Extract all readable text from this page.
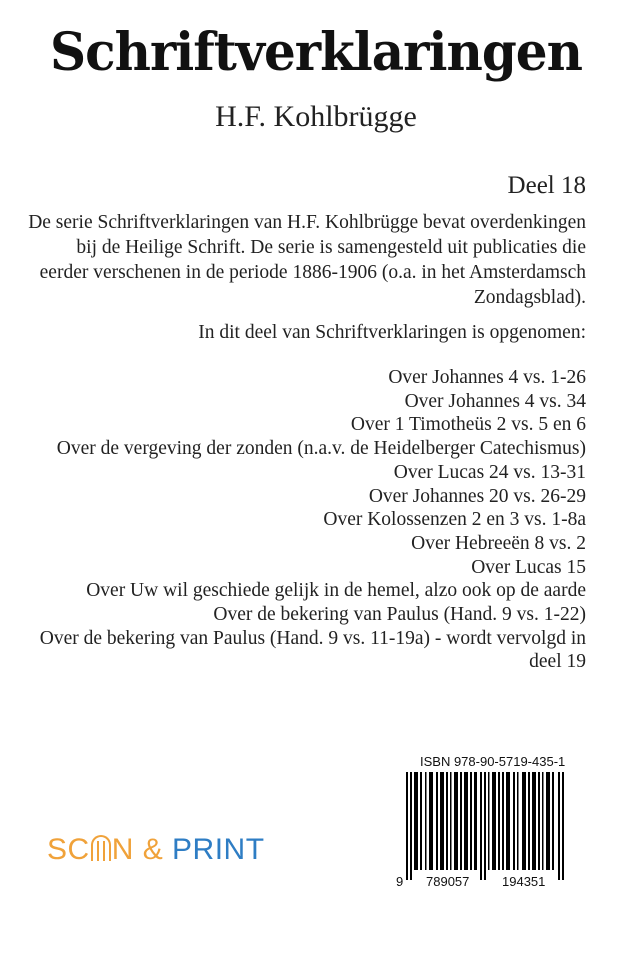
Schriftverklaringen
H.F. Kohlbrügge
Deel 18
De serie Schriftverklaringen van H.F. Kohlbrügge bevat overdenkingen bij de Heilige Schrift. De serie is samengesteld uit publicaties die eerder verschenen in de periode 1886-1906 (o.a. in het Amsterdamsch Zondagsblad).
In dit deel van Schriftverklaringen is opgenomen:
Over Johannes 4 vs. 1-26
Over Johannes 4 vs. 34
Over 1 Timotheüs 2 vs. 5 en 6
Over de vergeving der zonden (n.a.v. de Heidelberger Catechismus)
Over Lucas 24 vs. 13-31
Over Johannes 20 vs. 26-29
Over Kolossenzen 2 en 3 vs. 1-8a
Over Hebreeën 8 vs. 2
Over Lucas 15
Over Uw wil geschiede gelijk in de hemel, alzo ook op de aarde
Over de bekering van Paulus (Hand. 9 vs. 1-22)
Over de bekering van Paulus (Hand. 9 vs. 11-19a) - wordt vervolgd in deel 19
SC N & PRINT
ISBN 978-90-5719-435-1
9 789057	194351
